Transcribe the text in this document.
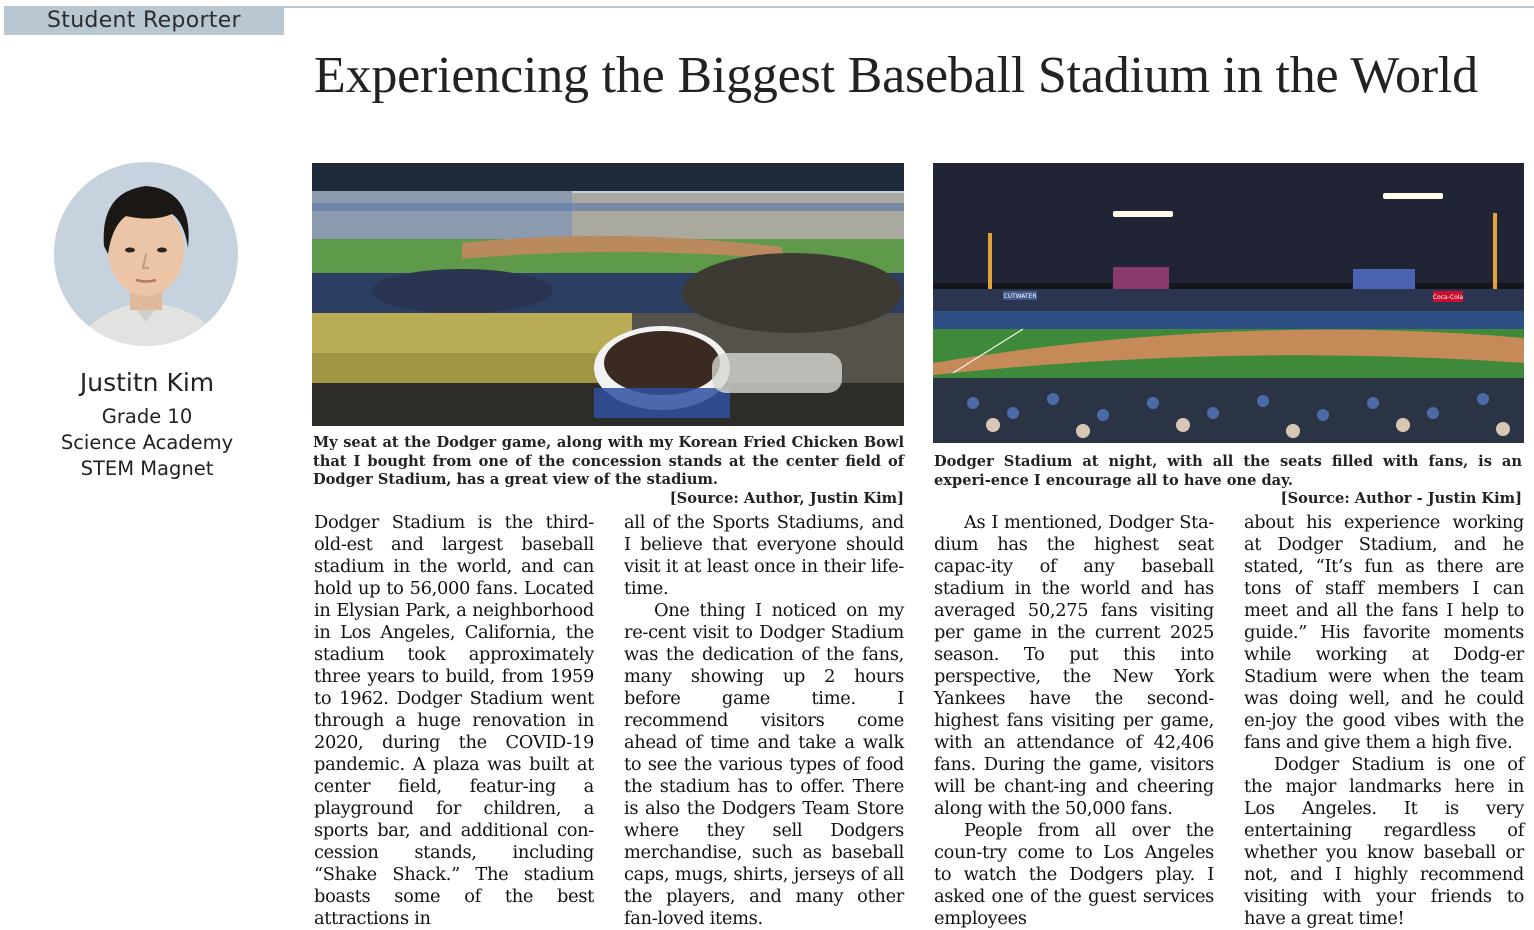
Student Reporter
Experiencing the Biggest Baseball Stadium in the World
Justitn Kim
Grade 10
Science Academy
STEM Magnet
My seat at the Dodger game, along with my Korean Fried Chicken Bowl that I bought from one of the concession stands at the center field of Dodger Stadium, has a great view of the stadium.
[Source: Author, Justin Kim]
CUTWATER	Coca-Cola
Dodger Stadium at night, with all the seats filled with fans, is an experi-ence I encourage all to have one day.
[Source: Author - Justin Kim]

Dodger Stadium is the third-old-est and largest baseball stadium in the world, and can hold up to 56,000 fans. Located in Elysian Park, a neighborhood in Los Angeles, California, the stadium took approximately three years to build, from 1959 to 1962. Dodger Stadium went through a huge renovation in 2020, during the COVID-19 pandemic. A plaza was built at center field, featur-ing a playground for children, a sports bar, and additional con-cession stands, including “Shake Shack.” The stadium boasts some of the best attractions in

all of the Sports Stadiums, and I believe that everyone should visit it at least once in their life-time.

One thing I noticed on my re-cent visit to Dodger Stadium was the dedication of the fans, many showing up 2 hours before game time. I recommend visitors come ahead of time and take a walk to see the various types of food the stadium has to offer. There is also the Dodgers Team Store where they sell Dodgers merchandise, such as baseball caps, mugs, shirts, jerseys of all the players, and many other fan-loved items.

As I mentioned, Dodger Sta-dium has the highest seat capac-ity of any baseball stadium in the world and has averaged 50,275 fans visiting per game in the current 2025 season. To put this into perspective, the New York Yankees have the second-highest fans visiting per game, with an attendance of 42,406 fans. During the game, visitors will be chant-ing and cheering along with the 50,000 fans.

People from all over the coun-try come to Los Angeles to watch the Dodgers play. I asked one of the guest services employees

about his experience working at Dodger Stadium, and he stated, “It’s fun as there are tons of staff members I can meet and all the fans I help to guide.” His favorite moments while working at Dodg-er Stadium were when the team was doing well, and he could en-joy the good vibes with the fans and give them a high five.

Dodger Stadium is one of the major landmarks here in Los Angeles. It is very entertaining regardless of whether you know baseball or not, and I highly recommend visiting with your friends to have a great time!
